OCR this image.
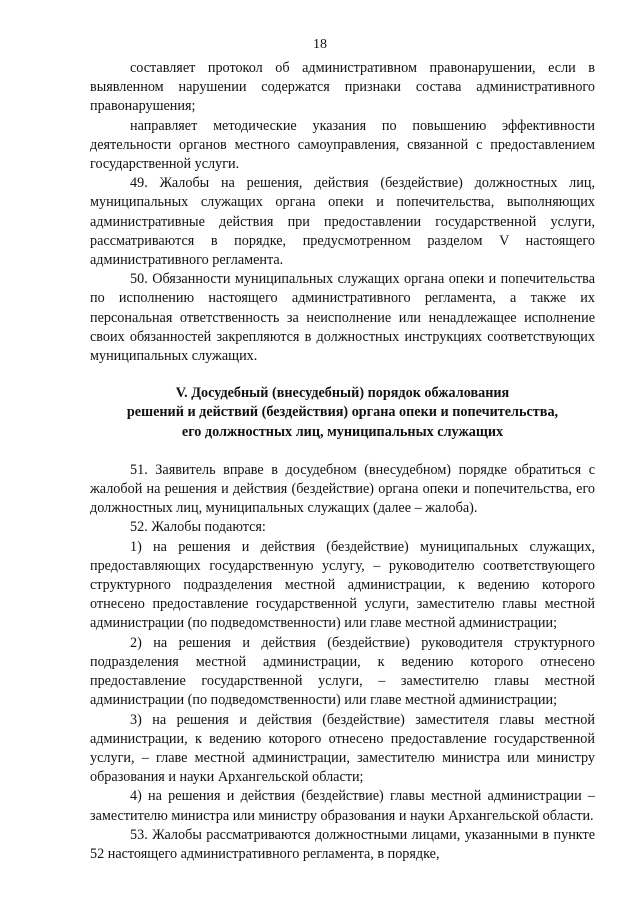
18

составляет протокол об административном правонарушении, если в выявленном нарушении содержатся признаки состава административного правонарушения;

направляет методические указания по повышению эффективности деятельности органов местного самоуправления, связанной с предоставлением государственной услуги.

49. Жалобы на решения, действия (бездействие) должностных лиц, муниципальных служащих органа опеки и попечительства, выполняющих административные действия при предоставлении государственной услуги, рассматриваются в порядке, предусмотренном разделом V настоящего административного регламента.

50. Обязанности муниципальных служащих органа опеки и попечительства по исполнению настоящего административного регламента, а также их персональная ответственность за неисполнение или ненадлежащее исполнение своих обязанностей закрепляются в должностных инструкциях соответствующих муниципальных служащих.

V. Досудебный (внесудебный) порядок обжалования
решений и действий (бездействия) органа опеки и попечительства,
его должностных лиц, муниципальных служащих

51. Заявитель вправе в досудебном (внесудебном) порядке обратиться с жалобой на решения и действия (бездействие) органа опеки и попечительства, его должностных лиц, муниципальных служащих (далее – жалоба).

52. Жалобы подаются:

1) на решения и действия (бездействие) муниципальных служащих, предоставляющих государственную услугу, – руководителю соответствующего структурного подразделения местной администрации, к ведению которого отнесено предоставление государственной услуги, заместителю главы местной администрации (по подведомственности) или главе местной администрации;

2) на решения и действия (бездействие) руководителя структурного подразделения местной администрации, к ведению которого отнесено предоставление государственной услуги, – заместителю главы местной администрации (по подведомственности) или главе местной администрации;

3) на решения и действия (бездействие) заместителя главы местной администрации, к ведению которого отнесено предоставление государственной услуги, – главе местной администрации, заместителю министра или министру образования и науки Архангельской области;

4) на решения и действия (бездействие) главы местной администрации – заместителю министра или министру образования и науки Архангельской области.

53. Жалобы рассматриваются должностными лицами, указанными в пункте 52 настоящего административного регламента, в порядке,
